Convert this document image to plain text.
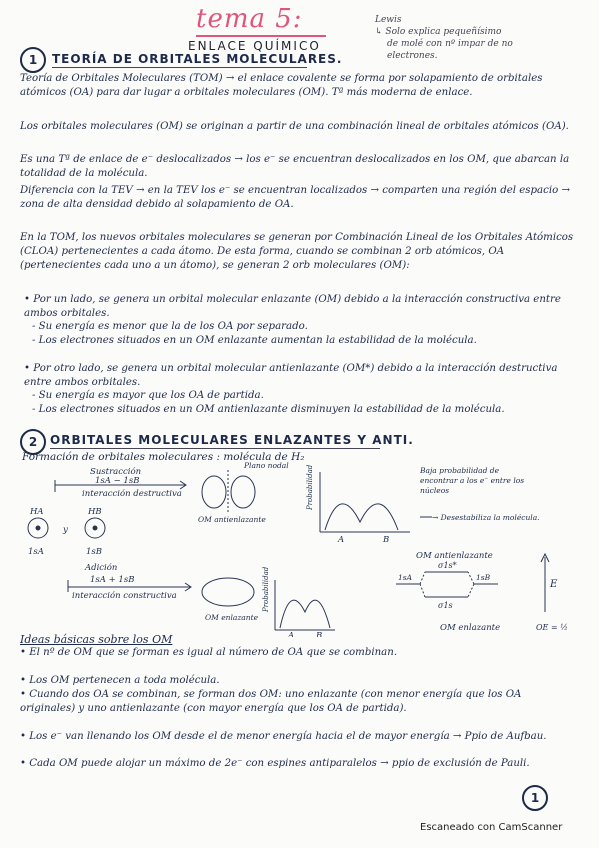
tema 5:
ENLACE QUÍMICO
Lewis
↳ Solo explica pequeñísimo
de molé con nº impar de no
electrones.
1	TEORÍA DE ORBITALES MOLECULARES.
Teoría de Orbitales Moleculares (TOM) → el enlace covalente se forma por solapamiento de orbitales atómicos (OA) para dar lugar a orbitales moleculares (OM). Tª más moderna de enlace.
Los orbitales moleculares (OM) se originan a partir de una combinación lineal de orbitales atómicos (OA).
Es una Tª de enlace de e⁻ deslocalizados → los e⁻ se encuentran deslocalizados en los OM, que abarcan la totalidad de la molécula.
Diferencia con la TEV → en la TEV los e⁻ se encuentran localizados → comparten una región del espacio → zona de alta densidad debido al solapamiento de OA.
En la TOM, los nuevos orbitales moleculares se generan por Combinación Lineal de los Orbitales Atómicos (CLOA) pertenecientes a cada átomo. De esta forma, cuando se combinan 2 orb atómicos, OA (pertenecientes cada uno a un átomo), se generan 2 orb moleculares (OM):
• Por un lado, se genera un orbital molecular enlazante (OM) debido a la interacción constructiva entre ambos orbitales.
- Su energía es menor que la de los OA por separado.
- Los electrones situados en un OM enlazante aumentan la estabilidad de la molécula.
• Por otro lado, se genera un orbital molecular antienlazante (OM*) debido a la interacción destructiva entre ambos orbitales.
- Su energía es mayor que los OA de partida.
- Los electrones situados en un OM antienlazante disminuyen la estabilidad de la molécula.
2	ORBITALES MOLECULARES ENLAZANTES Y ANTI.
Formación de orbitales moleculares : molécula de H₂
Sustracción
1sA − 1sB
interacción destructiva
HA	HB
y
1sA	1sB
Plano nodal
OM antienlazante
Adición
1sA + 1sB
interacción constructiva
OM enlazante
Probabilidad
Probabilidad
A	B
A	B
→ Desestabiliza la molécula.
OM antienlazante
σ1s*
σ1s
1sA	1sB
E
OM enlazante	OE = ½
Baja probabilidad de encontrar a los e⁻ entre los núcleos
Ideas básicas sobre los OM
• El nº de OM que se forman es igual al número de OA que se combinan.
• Los OM pertenecen a toda molécula.
• Cuando dos OA se combinan, se forman dos OM: uno enlazante (con menor energía que los OA originales) y uno antienlazante (con mayor energía que los OA de partida).
• Los e⁻ van llenando los OM desde el de menor energía hacia el de mayor energía → Ppio de Aufbau.
• Cada OM puede alojar un máximo de 2e⁻ con espines antiparalelos → ppio de exclusión de Pauli.
1
Escaneado con CamScanner
